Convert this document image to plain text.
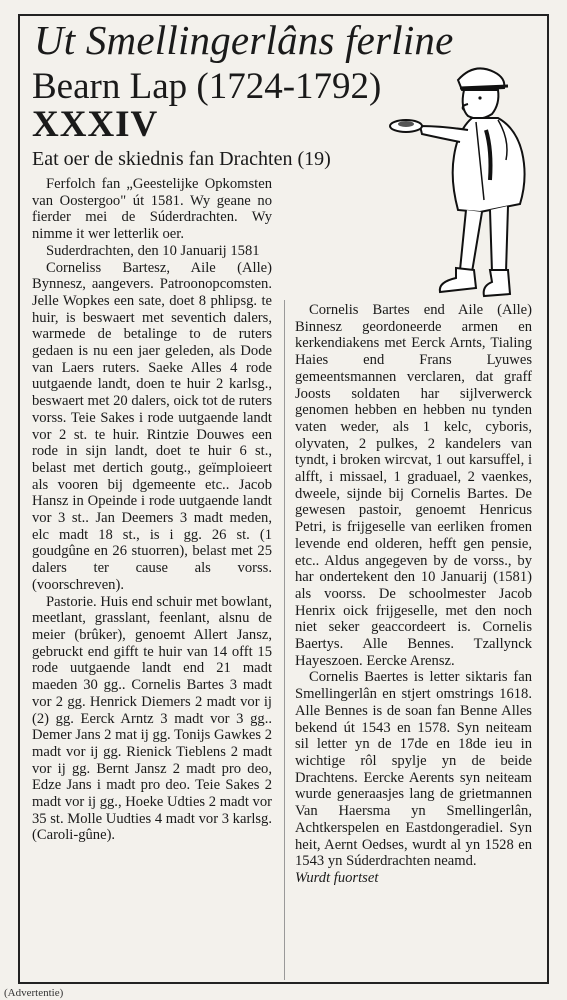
Ut Smellingerlâns ferline
Bearn Lap (1724-1792)
XXXIV
Eat oer de skiednis fan Drachten (19)

Ferfolch fan „Geestelijke Opkomsten van Oostergoo" út 1581. Wy geane no fierder mei de Súderdrachten. Wy nimme it wer letterlik oer.

Suderdrachten, den 10 Januarij 1581

Corneliss Bartesz, Aile (Alle) Bynnesz, aangevers. Patroonopcomsten. Jelle Wopkes een sate, doet 8 phlipsg. te huir, is beswaert met seventich dalers, warmede de betalinge to de ruters gedaen is nu een jaer geleden, als Dode van Laers ruters. Saeke Alles 4 rode uutgaende landt, doen te huir 2 karlsg., beswaert met 20 dalers, oick tot de ruters vorss. Teie Sakes i rode uutgaende landt vor 2 st. te huir. Rintzie Douwes een rode in sijn landt, doet te huir 6 st., belast met dertich goutg., geïmploieert als vooren bij dgemeente etc.. Jacob Hansz in Opeinde i rode uutgaende landt vor 3 st.. Jan Deemers 3 madt meden, elc madt 18 st., is i gg. 26 st. (1 goudgûne en 26 stuorren), belast met 25 dalers ter cause als vorss. (voorschreven).

Pastorie. Huis end schuir met bowlant, meetlant, grasslant, feenlant, alsnu de meier (brûker), genoemt Allert Jansz, gebruckt end gifft te huir van 14 offt 15 rode uutgaende landt end 21 madt maeden 30 gg.. Cornelis Bartes 3 madt vor 2 gg. Henrick Diemers 2 madt vor ij (2) gg. Eerck Arntz 3 madt vor 3 gg.. Demer Jans 2 mat ij gg. Tonijs Gawkes 2 madt vor ij gg. Rienick Tieblens 2 madt vor ij gg. Bernt Jansz 2 madt pro deo, Edze Jans i madt pro deo. Teie Sakes 2 madt vor ij gg., Hoeke Udties 2 madt vor 35 st. Molle Uudties 4 madt vor 3 karlsg. (Caroli-gûne).

Cornelis Bartes end Aile (Alle) Binnesz geordoneerde armen en kerkendiakens met Eerck Arnts, Tialing Haies end Frans Lyuwes gemeentsmannen verclaren, dat graff Joosts soldaten har sijlverwerck genomen hebben en hebben nu tynden vaten weder, als 1 kelc, cyboris, olyvaten, 2 pulkes, 2 kandelers van tyndt, i broken wircvat, 1 out karsuffel, i alfft, i missael, 1 graduael, 2 vaenkes, dweele, sijnde bij Cornelis Bartes. De gewesen pastoir, genoemt Henricus Petri, is frijgeselle van eerliken fromen levende end olderen, hefft gen pensie, etc.. Aldus angegeven by de vorss., by har ondertekent den 10 Januarij (1581) als voorss. De schoolmester Jacob Henrix oick frijgeselle, met den noch niet seker geaccordeert is. Cornelis Baertys. Alle Bennes. Tzallynck Hayeszoen. Eercke Arensz.

Cornelis Baertes is letter siktaris fan Smellingerlân en stjert omstrings 1618. Alle Bennes is de soan fan Benne Alles bekend út 1543 en 1578. Syn neiteam sil letter yn de 17de en 18de ieu in wichtige rôl spylje yn de beide Drachtens. Eercke Aerents syn neiteam wurde generaasjes lang de grietmannen Van Haersma yn Smellingerlân, Achtkerspelen en Eastdongeradiel. Syn heit, Aernt Oedses, wurdt al yn 1528 en 1543 yn Súderdrachten neamd.

Wurdt fuortset

(Advertentie)
